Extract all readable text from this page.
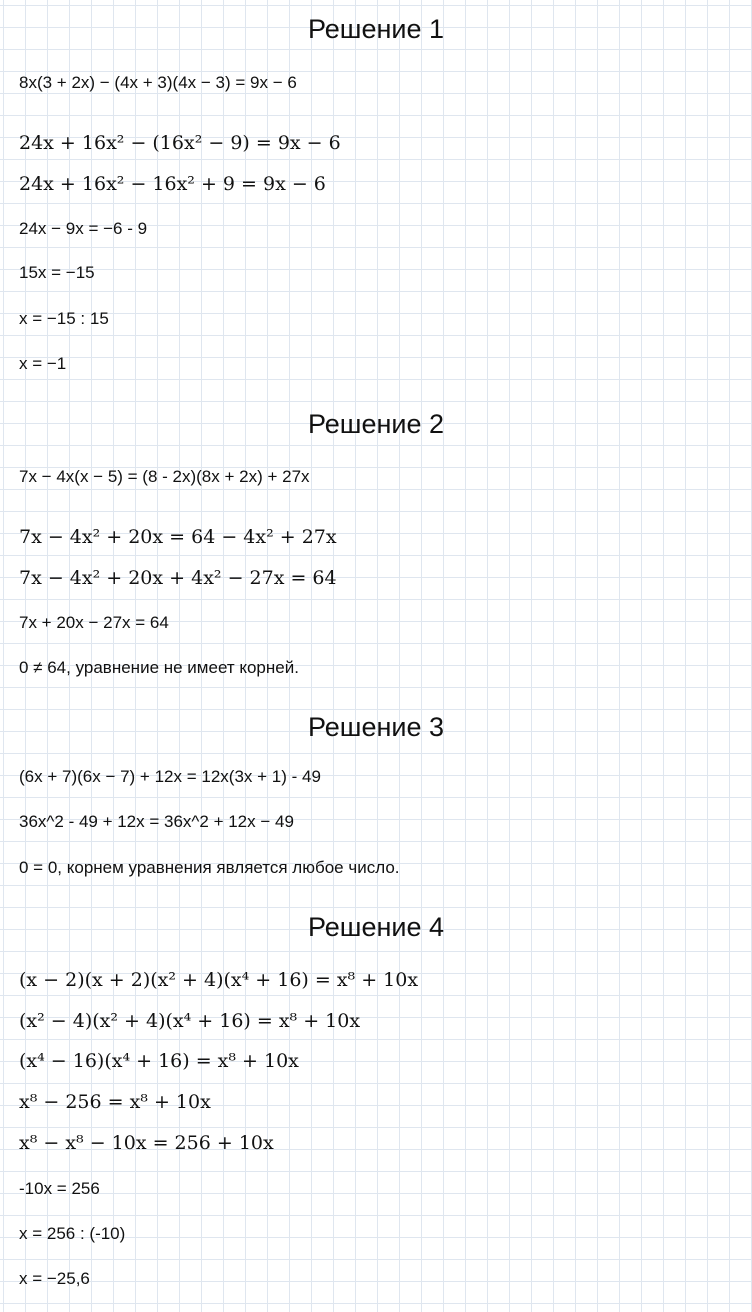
Решение 1

8x(3 + 2x) − (4x + 3)(4x − 3) = 9x − 6

24x + 16x² − (16x² − 9) = 9x − 6

24x + 16x² − 16x² + 9 = 9x − 6

24x − 9x = −6 - 9

15x = −15

x = −15 : 15

x = −1

Решение 2

7x − 4x(x − 5) = (8 - 2x)(8x + 2x) + 27x

7x − 4x² + 20x = 64 − 4x² + 27x

7x − 4x² + 20x + 4x² − 27x = 64

7x + 20x − 27x = 64

0 ≠ 64, уравнение не имеет корней.

Решение 3

(6x + 7)(6x − 7) + 12x = 12x(3x + 1) - 49

36x^2 - 49 + 12x = 36x^2 + 12x − 49

0 = 0, корнем уравнения является любое число.

Решение 4

(x − 2)(x + 2)(x² + 4)(x⁴ + 16) = x⁸ + 10x

(x² − 4)(x² + 4)(x⁴ + 16) = x⁸ + 10x

(x⁴ − 16)(x⁴ + 16) = x⁸ + 10x

x⁸ − 256 = x⁸ + 10x

x⁸ − x⁸ − 10x = 256 + 10x

-10x = 256

x = 256 : (-10)

x = −25,6
